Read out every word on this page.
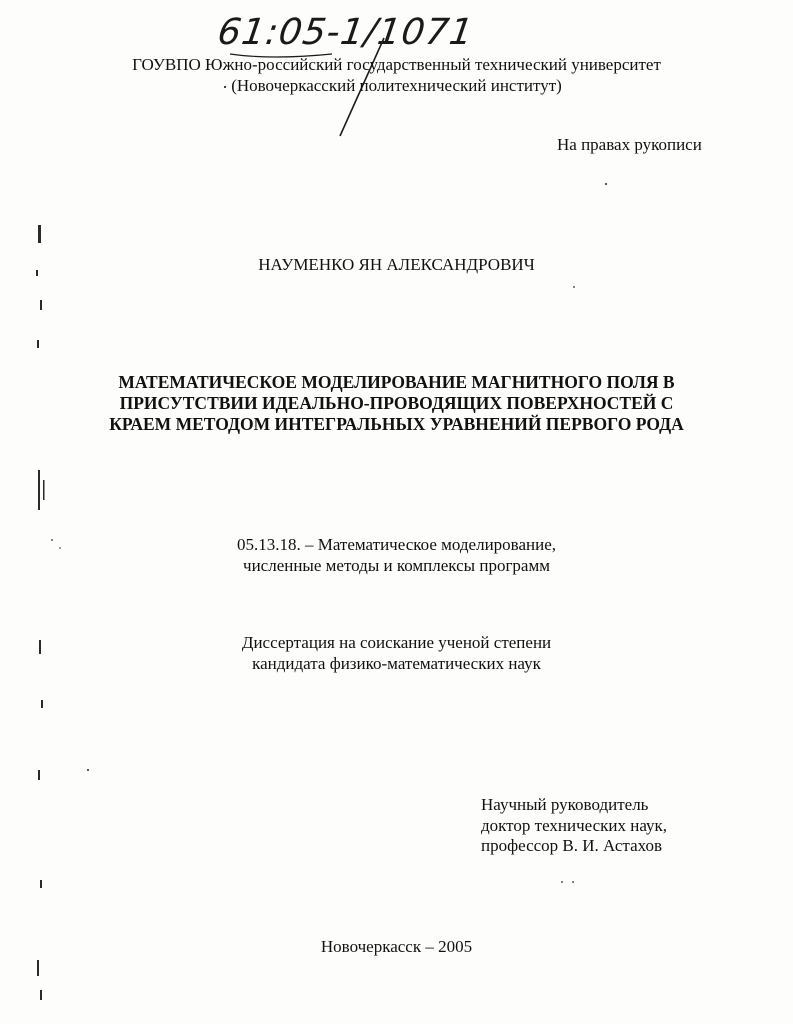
61:05-1/1071
ГОУВПО Южно-российский государственный технический университет
(Новочеркасский политехнический институт)
На правах рукописи
НАУМЕНКО ЯН АЛЕКСАНДРОВИЧ
МАТЕМАТИЧЕСКОЕ МОДЕЛИРОВАНИЕ МАГНИТНОГО ПОЛЯ В
ПРИСУТСТВИИ ИДЕАЛЬНО-ПРОВОДЯЩИХ ПОВЕРХНОСТЕЙ С
КРАЕМ МЕТОДОМ ИНТЕГРАЛЬНЫХ УРАВНЕНИЙ ПЕРВОГО РОДА
05.13.18. – Математическое моделирование,
численные методы и комплексы программ
Диссертация на соискание ученой степени
кандидата физико-математических наук
Научный руководитель
доктор технических наук,
профессор В. И. Астахов
Новочеркасск – 2005
